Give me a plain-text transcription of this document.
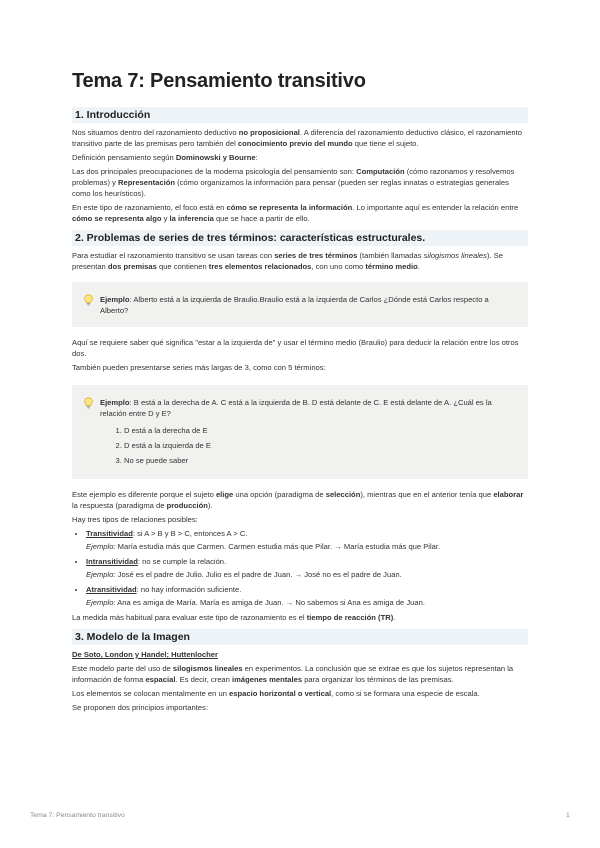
Tema 7: Pensamiento transitivo
1. Introducción

Nos situamos dentro del razonamiento deductivo no proposicional. A diferencia del razonamiento deductivo clásico, el razonamiento transitivo parte de las premisas pero también del conocimiento previo del mundo que tiene el sujeto.

Definición pensamiento según Dominowski y Bourne:

Las dos principales preocupaciones de la moderna psicología del pensamiento son: Computación (cómo razonamos y resolvemos problemas) y Representación (cómo organizamos la información para pensar (pueden ser reglas innatas o estrategias generales como los heurísticos).

En este tipo de razonamiento, el foco está en cómo se representa la información. Lo importante aquí es entender la relación entre cómo se representa algo y la inferencia que se hace a partir de ello.

2. Problemas de series de tres términos: características estructurales.

Para estudiar el razonamiento transitivo se usan tareas con series de tres términos (también llamadas silogismos lineales). Se presentan dos premisas que contienen tres elementos relacionados, con uno como término medio.

Ejemplo: Alberto está a la izquierda de Braulio.Braulio está a la izquierda de Carlos ¿Dónde está Carlos respecto a Alberto?

Aquí se requiere saber qué significa "estar a la izquierda de" y usar el término medio (Braulio) para deducir la relación entre los otros dos.

También pueden presentarse series más largas de 3, como con 5 términos:

Ejemplo: B está a la derecha de A. C está a la izquierda de B. D está delante de C. E está delante de A. ¿Cuál es la relación entre D y E?
1. D está a la derecha de E
2. D está a la izquierda de E
3. No se puede saber

Este ejemplo es diferente porque el sujeto elige una opción (paradigma de selección), mientras que en el anterior tenía que elaborar la respuesta (paradigma de producción).

Hay tres tipos de relaciones posibles:

• Transitividad: si A > B y B > C, entonces A > C.
Ejemplo: María estudia más que Carmen. Carmen estudia más que Pilar. → María estudia más que Pilar.
• Intransitividad: no se cumple la relación.
Ejemplo: José es el padre de Julio. Julio es el padre de Juan. → José no es el padre de Juan.
• Atransitividad: no hay información suficiente.
Ejemplo: Ana es amiga de María. María es amiga de Juan. → No sabemos si Ana es amiga de Juan.

La medida más habitual para evaluar este tipo de razonamiento es el tiempo de reacción (TR).

3. Modelo de la Imagen

De Soto, London y Handel; Huttenlocher

Este modelo parte del uso de silogismos lineales en experimentos. La conclusión que se extrae es que los sujetos representan la información de forma espacial. Es decir, crean imágenes mentales para organizar los términos de las premisas.

Los elementos se colocan mentalmente en un espacio horizontal o vertical, como si se formara una especie de escala.

Se proponen dos principios importantes:

Tema 7: Pensamiento transitivo	1
